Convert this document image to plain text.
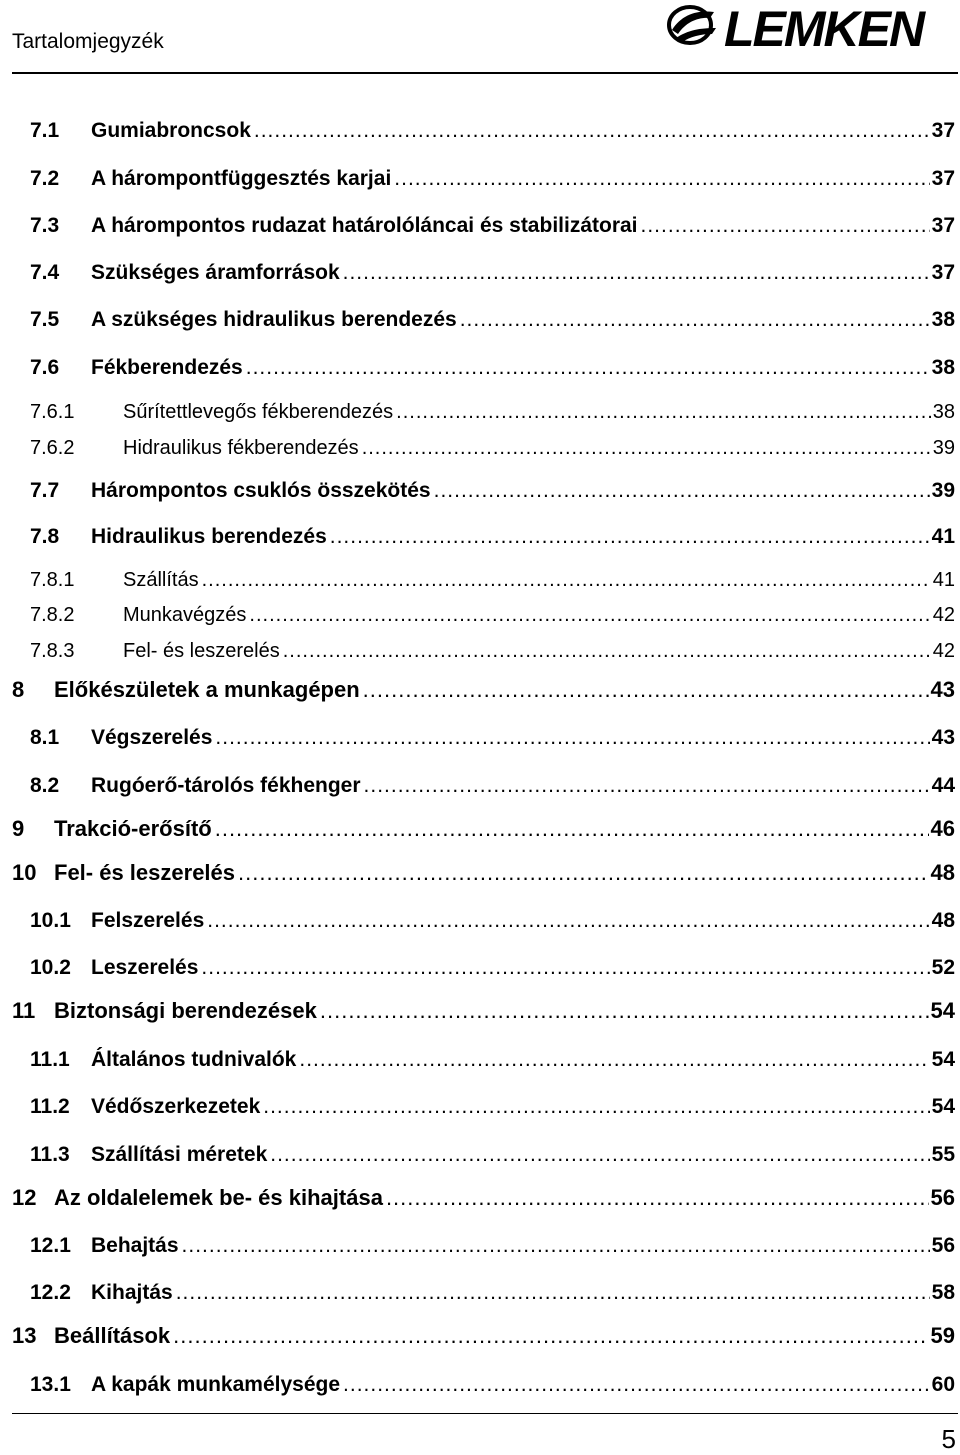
Tartalomjegyzék	LEMKEN
7.1	Gumiabroncsok .....	37
7.2	A hárompontfüggesztés karjai .....	37
7.3	A hárompontos rudazat határolóláncai és stabilizátorai .....	37
7.4	Szükséges áramforrások .....	37
7.5	A szükséges hidraulikus berendezés .....	38
7.6	Fékberendezés .....	38
7.6.1	Sűrítettlevegős fékberendezés .....	38
7.6.2	Hidraulikus fékberendezés .....	39
7.7	Hárompontos csuklós összekötés .....	39
7.8	Hidraulikus berendezés .....	41
7.8.1	Szállítás .....	41
7.8.2	Munkavégzés .....	42
7.8.3	Fel- és leszerelés .....	42
8	Előkészületek a munkagépen .....	43
8.1	Végszerelés .....	43
8.2	Rugóerő-tárolós fékhenger .....	44
9	Trakció-erősítő .....	46
10 Fel- és leszerelés .....	48
10.1 Felszerelés .....	48
10.2 Leszerelés .....	52
11 Biztonsági berendezések .....	54
11.1	Általános tudnivalók .....	54
11.2	Védőszerkezetek .....	54
11.3	Szállítási méretek .....	55
12 Az oldalelemek be- és kihajtása .....	56
12.1 Behajtás .....	56
12.2 Kihajtás .....	58
13 Beállítások .....	59
13.1 A kapák munkamélysége .....	60
5
